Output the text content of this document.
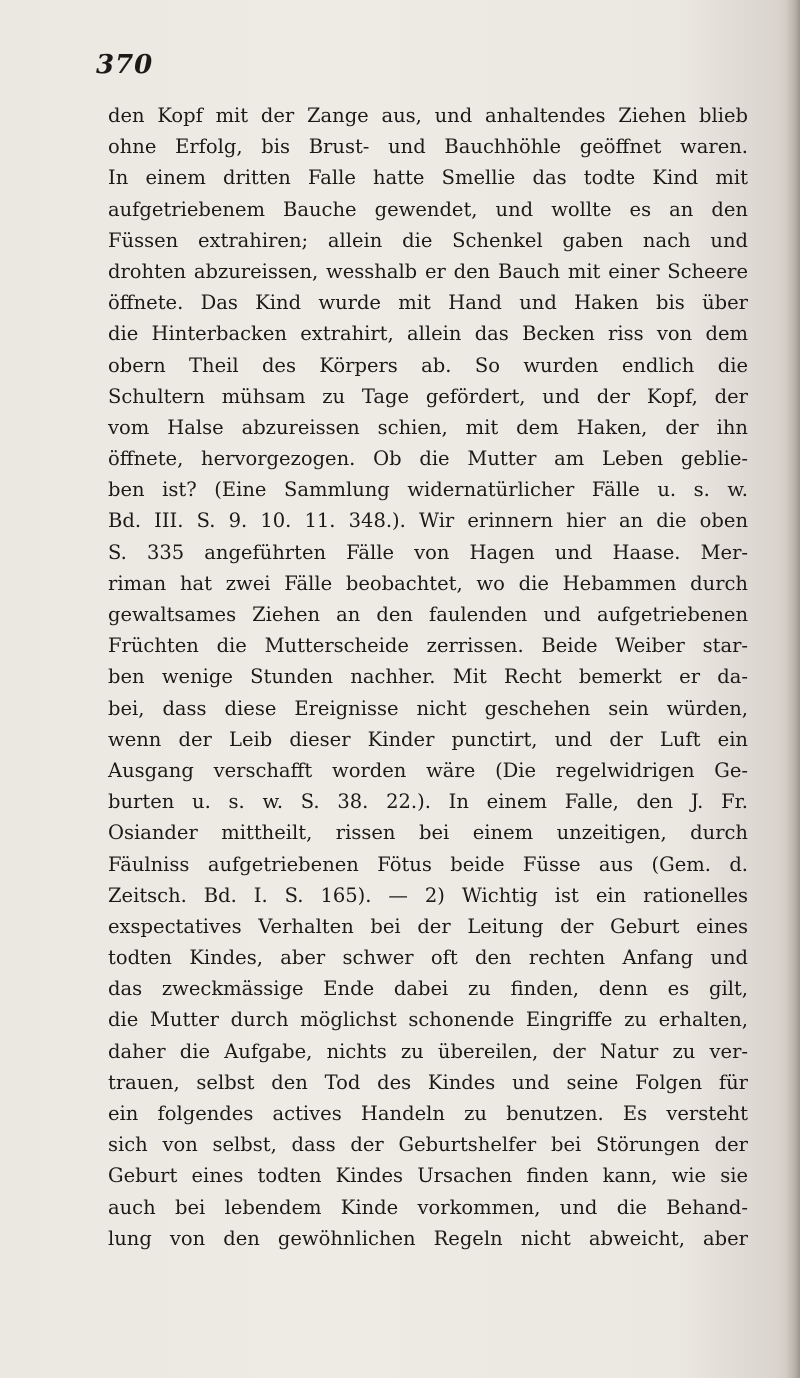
370

den Kopf mit der Zange aus, und anhaltendes Ziehen blieb
ohne Erfolg, bis Brust- und Bauchhöhle geöffnet waren.
In einem dritten Falle hatte Smellie das todte Kind mit
aufgetriebenem Bauche gewendet, und wollte es an den
Füssen extrahiren; allein die Schenkel gaben nach und
drohten abzureissen, wesshalb er den Bauch mit einer Scheere
öffnete. Das Kind wurde mit Hand und Haken bis über
die Hinterbacken extrahirt, allein das Becken riss von dem
obern Theil des Körpers ab. So wurden endlich die
Schultern mühsam zu Tage gefördert, und der Kopf, der
vom Halse abzureissen schien, mit dem Haken, der ihn
öffnete, hervorgezogen. Ob die Mutter am Leben geblie-
ben ist? (Eine Sammlung widernatürlicher Fälle u. s. w.
Bd. III. S. 9. 10. 11. 348.). Wir erinnern hier an die oben
S. 335 angeführten Fälle von Hagen und Haase. Mer-
riman hat zwei Fälle beobachtet, wo die Hebammen durch
gewaltsames Ziehen an den faulenden und aufgetriebenen
Früchten die Mutterscheide zerrissen. Beide Weiber star-
ben wenige Stunden nachher. Mit Recht bemerkt er da-
bei, dass diese Ereignisse nicht geschehen sein würden,
wenn der Leib dieser Kinder punctirt, und der Luft ein
Ausgang verschafft worden wäre (Die regelwidrigen Ge-
burten u. s. w. S. 38. 22.). In einem Falle, den J. Fr.
Osiander mittheilt, rissen bei einem unzeitigen, durch
Fäulniss aufgetriebenen Fötus beide Füsse aus (Gem. d.
Zeitsch. Bd. I. S. 165). — 2) Wichtig ist ein rationelles
exspectatives Verhalten bei der Leitung der Geburt eines
todten Kindes, aber schwer oft den rechten Anfang und
das zweckmässige Ende dabei zu finden, denn es gilt,
die Mutter durch möglichst schonende Eingriffe zu erhalten,
daher die Aufgabe, nichts zu übereilen, der Natur zu ver-
trauen, selbst den Tod des Kindes und seine Folgen für
ein folgendes actives Handeln zu benutzen. Es versteht
sich von selbst, dass der Geburtshelfer bei Störungen der
Geburt eines todten Kindes Ursachen finden kann, wie sie
auch bei lebendem Kinde vorkommen, und die Behand-
lung von den gewöhnlichen Regeln nicht abweicht, aber
